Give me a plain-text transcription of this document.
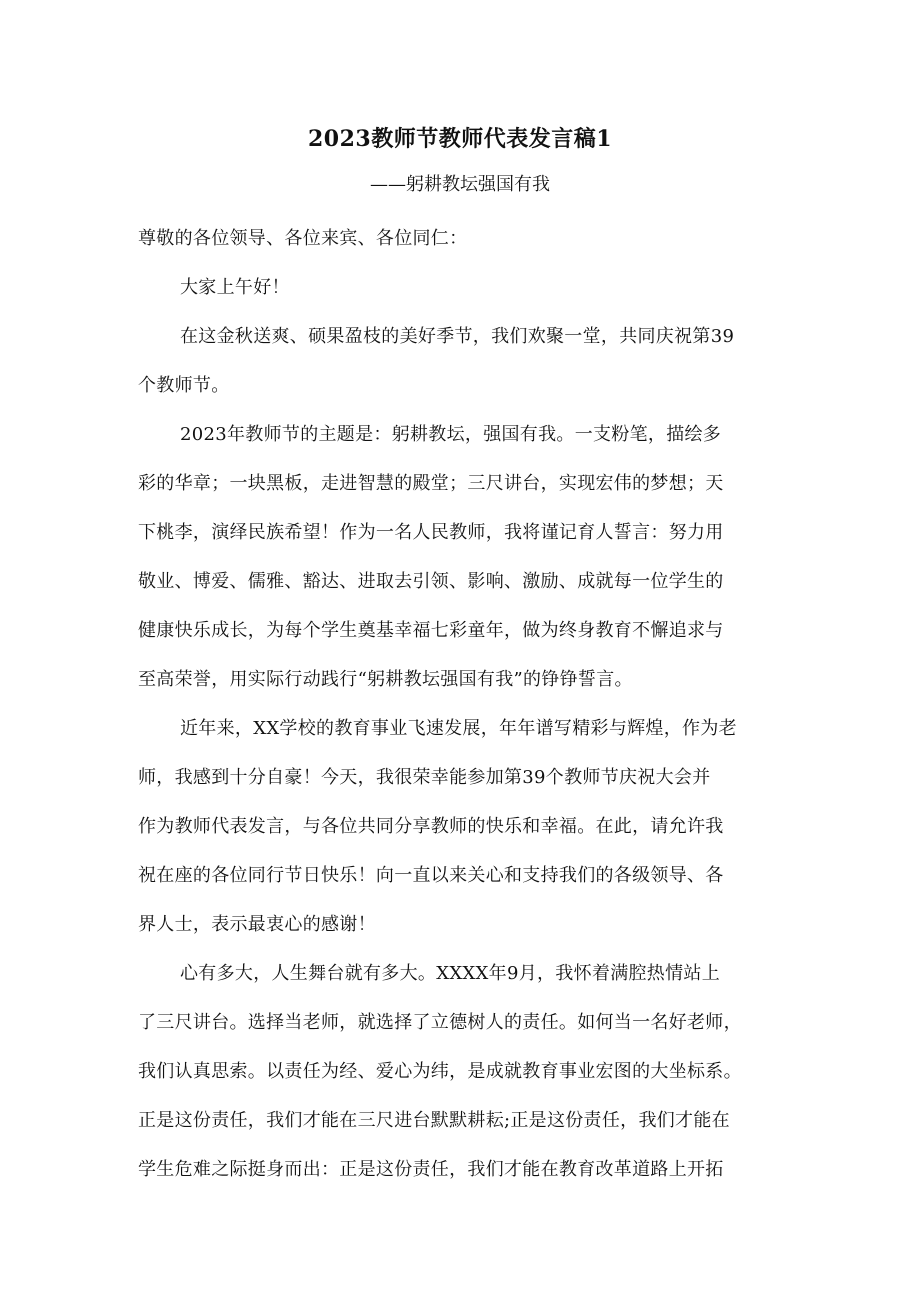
2023教师节教师代表发言稿1
——躬耕教坛强国有我
尊敬的各位领导、各位来宾、各位同仁：
大家上午好！
在这金秋送爽、硕果盈枝的美好季节，我们欢聚一堂，共同庆祝第39
个教师节。
2023年教师节的主题是：躬耕教坛，强国有我。一支粉笔，描绘多
彩的华章；一块黑板，走进智慧的殿堂；三尺讲台，实现宏伟的梦想；天
下桃李，演绎民族希望！作为一名人民教师，我将谨记育人誓言：努力用
敬业、博爱、儒雅、豁达、进取去引领、影响、激励、成就每一位学生的
健康快乐成长，为每个学生奠基幸福七彩童年，做为终身教育不懈追求与
至高荣誉，用实际行动践行“躬耕教坛强国有我”的铮铮誓言。
近年来，XX学校的教育事业飞速发展，年年谱写精彩与辉煌，作为老
师，我感到十分自豪！今天，我很荣幸能参加第39个教师节庆祝大会并
作为教师代表发言，与各位共同分享教师的快乐和幸福。在此，请允许我
祝在座的各位同行节日快乐！向一直以来关心和支持我们的各级领导、各
界人士，表示最衷心的感谢！
心有多大，人生舞台就有多大。XXXX年9月，我怀着满腔热情站上
了三尺讲台。选择当老师，就选择了立德树人的责任。如何当一名好老师，
我们认真思索。以责任为经、爱心为纬，是成就教育事业宏图的大坐标系。
正是这份责任，我们才能在三尺进台默默耕耘;正是这份责任，我们才能在
学生危难之际挺身而出：正是这份责任，我们才能在教育改革道路上开拓
